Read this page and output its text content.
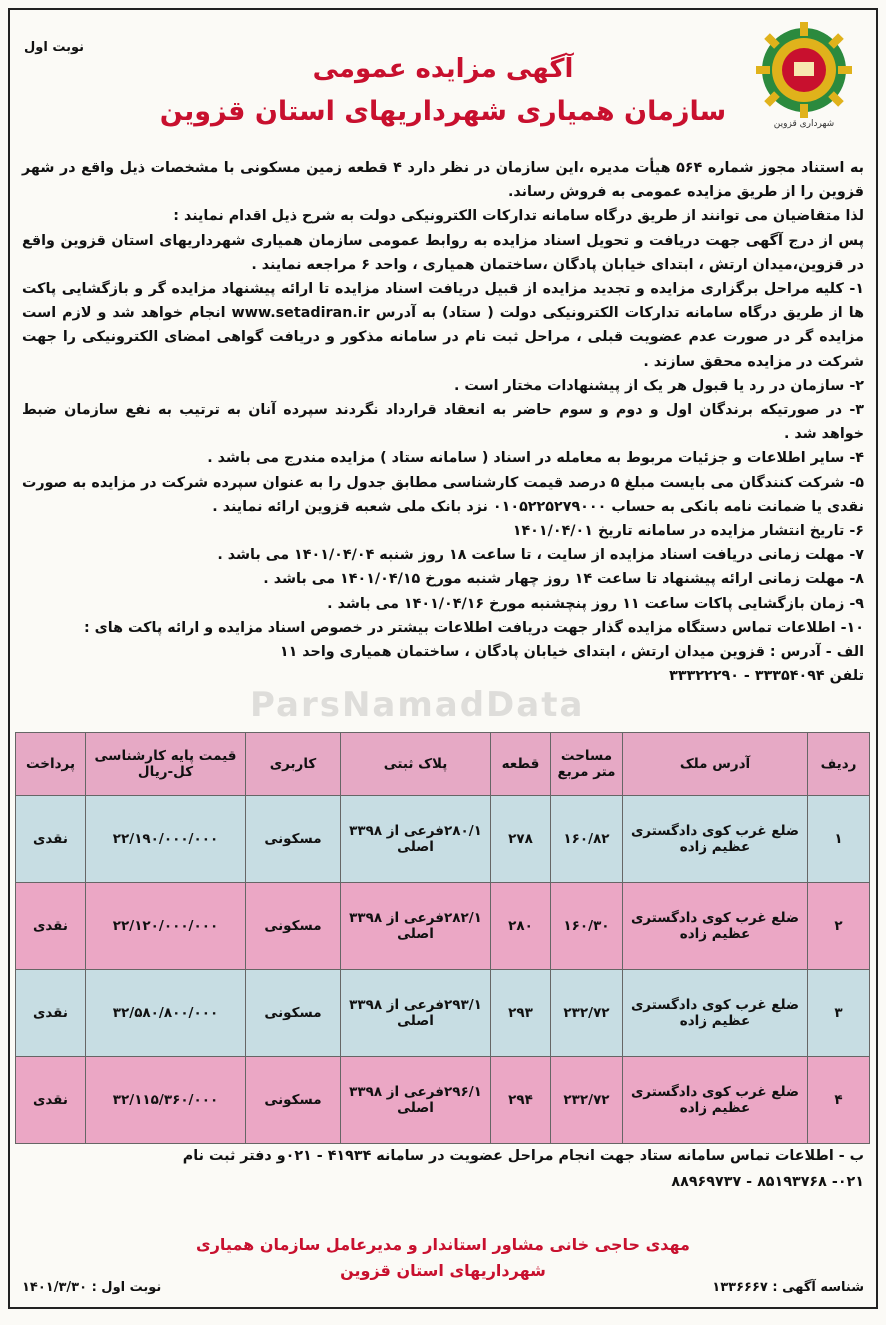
نوبت اول
شهرداری قزوین
آگهی مزایده عمومی
سازمان همیاری شهرداریهای استان قزوین

به استناد مجوز شماره ۵۶۴ هیأت مدیره ،این سازمان در نظر دارد ۴ قطعه زمین مسکونی با مشخصات ذیل واقع در شهر قزوین را از طریق مزایده عمومی به فروش رساند.

لذا متقاضیان می توانند از طریق درگاه سامانه تدارکات الکترونیکی دولت به شرح ذیل اقدام نمایند :

پس از درج آگهی جهت دریافت و تحویل اسناد مزایده به روابط عمومی سازمان همیاری شهرداریهای استان قزوین واقع در قزوین،میدان ارتش ، ابتدای خیابان پادگان ،ساختمان همیاری ، واحد ۶ مراجعه نمایند .

۱- کلیه مراحل برگزاری مزایده و تجدید مزایده از قبیل دریافت اسناد مزایده تا ارائه پیشنهاد مزایده گر و بازگشایی پاکت ها از طریق درگاه سامانه تدارکات الکترونیکی دولت ( ستاد) به آدرس www.setadiran.ir انجام خواهد شد و لازم است مزایده گر در صورت عدم عضویت قبلی ، مراحل ثبت نام در سامانه مذکور و دریافت گواهی امضای الکترونیکی را جهت شرکت در مزایده محقق سازند .

۲- سازمان در رد یا قبول هر یک از پیشنهادات مختار است .

۳- در صورتیکه برندگان اول و دوم و سوم حاضر به انعقاد قرارداد نگردند سپرده آنان به ترتیب به نفع سازمان ضبط خواهد شد .

۴- سایر اطلاعات و جزئیات مربوط به معامله در اسناد ( سامانه ستاد ) مزایده مندرج می باشد .

۵- شرکت کنندگان می بایست مبلغ ۵ درصد قیمت کارشناسی مطابق جدول را به عنوان سپرده شرکت در مزایده به صورت نقدی یا ضمانت نامه بانکی به حساب ۰۱۰۵۲۲۵۲۷۹۰۰۰ نزد بانک ملی شعبه قزوین ارائه نمایند .

۶- تاریخ انتشار مزایده در سامانه تاریخ ۱۴۰۱/۰۴/۰۱

۷- مهلت زمانی دریافت اسناد مزایده از سایت ، تا ساعت ۱۸ روز شنبه ۱۴۰۱/۰۴/۰۴ می باشد .

۸- مهلت زمانی ارائه پیشنهاد تا ساعت ۱۴ روز چهار شنبه مورخ ۱۴۰۱/۰۴/۱۵ می باشد .

۹- زمان بازگشایی پاکات ساعت ۱۱ روز پنچشنبه مورخ ۱۴۰۱/۰۴/۱۶ می باشد .

۱۰- اطلاعات تماس دستگاه مزایده گذار جهت دریافت اطلاعات بیشتر در خصوص اسناد مزایده و ارائه پاکت های :

الف - آدرس : قزوین میدان ارتش ، ابتدای خیابان پادگان ، ساختمان همیاری واحد ۱۱

تلفن ۳۳۳۵۴۰۹۴ - ۳۳۳۲۲۲۹۰

ParsNamadData
ردیف	آدرس ملک	مساحت متر مربع	قطعه	پلاک ثبتی	کاربری	قیمت پایه کارشناسی کل-ریال	پرداخت
۱	ضلع غرب کوی دادگستری عظیم زاده	۱۶۰/۸۲	۲۷۸	۲۸۰/۱فرعی از ۳۳۹۸ اصلی	مسکونی	۲۲/۱۹۰/۰۰۰/۰۰۰	نقدی
۲	ضلع غرب کوی دادگستری عظیم زاده	۱۶۰/۳۰	۲۸۰	۲۸۲/۱فرعی از ۳۳۹۸ اصلی	مسکونی	۲۲/۱۲۰/۰۰۰/۰۰۰	نقدی
۳	ضلع غرب کوی دادگستری عظیم زاده	۲۳۲/۷۲	۲۹۳	۲۹۳/۱فرعی از ۳۳۹۸ اصلی	مسکونی	۳۲/۵۸۰/۸۰۰/۰۰۰	نقدی
۴	ضلع غرب کوی دادگستری عظیم زاده	۲۳۲/۷۲	۲۹۴	۲۹۶/۱فرعی از ۳۳۹۸ اصلی	مسکونی	۳۲/۱۱۵/۳۶۰/۰۰۰	نقدی
ب - اطلاعات تماس سامانه ستاد جهت انجام مراحل عضویت در سامانه ۴۱۹۳۴ - ۰۲۱و دفتر ثبت نام
۰۲۱- ۸۵۱۹۳۷۶۸ - ۸۸۹۶۹۷۳۷
مهدی حاجی خانی مشاور استاندار و مدیرعامل سازمان همیاری
شهرداریهای استان قزوین
شناسه آگهی : ۱۳۳۶۶۶۷
نوبت اول : ۱۴۰۱/۳/۳۰
